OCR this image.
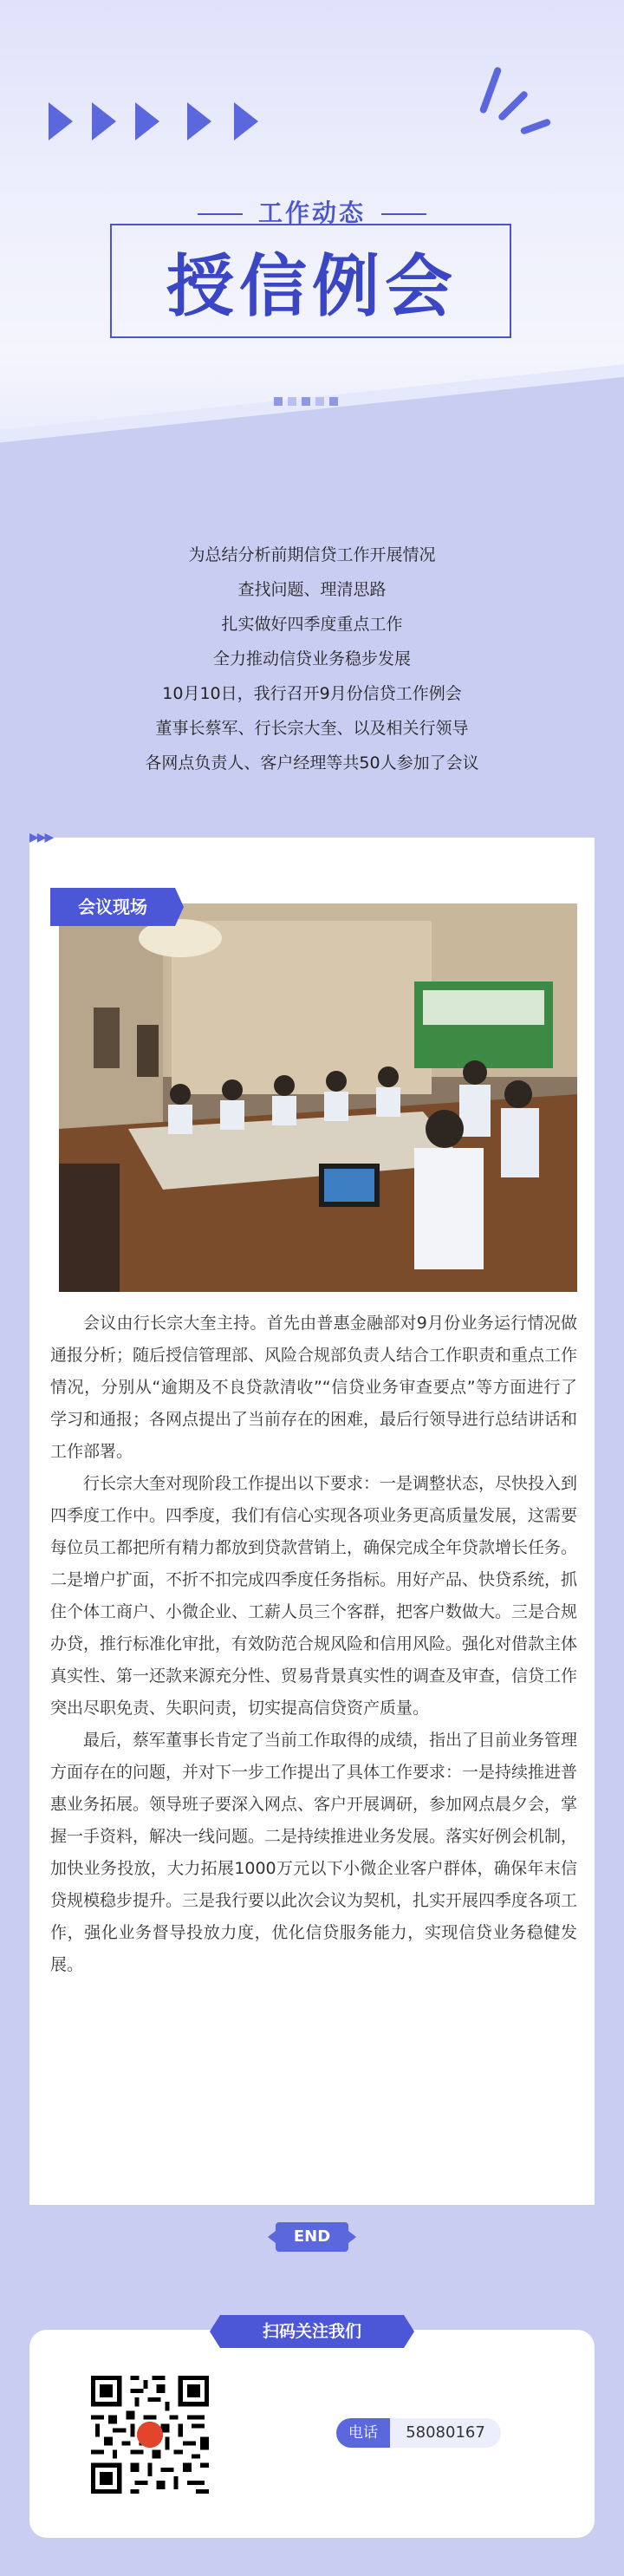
工作动态
授信例会
为总结分析前期信贷工作开展情况
查找问题、理清思路
扎实做好四季度重点工作
全力推动信贷业务稳步发展
10月10日，我行召开9月份信贷工作例会
董事长蔡军、行长宗大奎、以及相关行领导
各网点负责人、客户经理等共50人参加了会议
▶▶▶
会议现场

会议由行长宗大奎主持。首先由普惠金融部对9月份业务运行情况做通报分析；随后授信管理部、风险合规部负责人结合工作职责和重点工作情况，分别从“逾期及不良贷款清收”“信贷业务审查要点”等方面进行了学习和通报；各网点提出了当前存在的困难，最后行领导进行总结讲话和工作部署。

行长宗大奎对现阶段工作提出以下要求：一是调整状态，尽快投入到四季度工作中。四季度，我们有信心实现各项业务更高质量发展，这需要每位员工都把所有精力都放到贷款营销上，确保完成全年贷款增长任务。二是增户扩面，不折不扣完成四季度任务指标。用好产品、快贷系统，抓住个体工商户、小微企业、工薪人员三个客群，把客户数做大。三是合规办贷，推行标准化审批，有效防范合规风险和信用风险。强化对借款主体真实性、第一还款来源充分性、贸易背景真实性的调查及审查，信贷工作突出尽职免责、失职问责，切实提高信贷资产质量。

最后，蔡军董事长肯定了当前工作取得的成绩，指出了目前业务管理方面存在的问题，并对下一步工作提出了具体工作要求：一是持续推进普惠业务拓展。领导班子要深入网点、客户开展调研，参加网点晨夕会，掌握一手资料，解决一线问题。二是持续推进业务发展。落实好例会机制，加快业务投放，大力拓展1000万元以下小微企业客户群体，确保年末信贷规模稳步提升。三是我行要以此次会议为契机，扎实开展四季度各项工作，强化业务督导投放力度，优化信贷服务能力，实现信贷业务稳健发展。

END
扫码关注我们
电话	58080167
